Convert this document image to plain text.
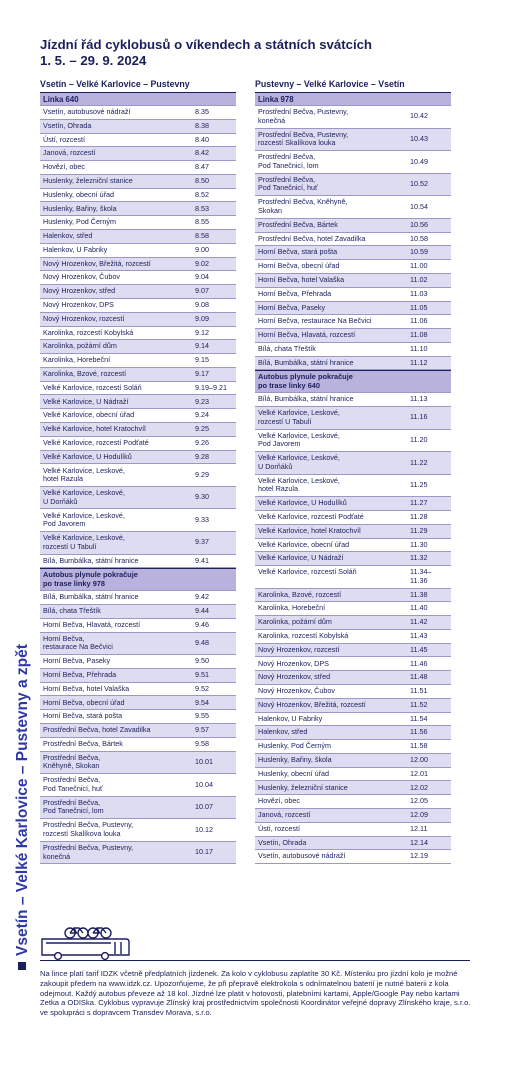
Jízdní řád cyklobusů o víkendech a státních svátcích
1. 5. – 29. 9. 2024
Vsetín – Velké Karlovice – Pustevny a zpět
Vsetín – Velké Karlovice – Pustevny
Linka 640
Vsetín, autobusové nádraží	8.35
Vsetín, Ohrada	8.38
Ústí, rozcestí	8.40
Janová, rozcestí	8.42
Hovězí, obec	8.47
Huslenky, železniční stanice	8.50
Huslenky, obecní úřad	8.52
Huslenky, Bařiny, škola	8.53
Huslenky, Pod Černým	8.55
Halenkov, střed	8.58
Halenkov, U Fabriky	9.00
Nový Hrozenkov, Břežitá, rozcestí	9.02
Nový Hrozenkov, Čubov	9.04
Nový Hrozenkov, střed	9.07
Nový Hrozenkov, DPS	9.08
Nový Hrozenkov, rozcestí	9.09
Karolinka, rozcestí Kobylská	9.12
Karolinka, požární dům	9.14
Karolinka, Horebeční	9.15
Karolinka, Bzové, rozcestí	9.17
Velké Karlovice, rozcestí Soláň	9.19–9.21
Velké Karlovice, U Nádraží	9.23
Velké Karlovice, obecní úřad	9.24
Velké Karlovice, hotel Kratochvíl	9.25
Velké Karlovice, rozcestí Podťaté	9.26
Velké Karlovice, U Hodulíků	9.28
Velké Karlovice, Leskové,
hotel Razula	9.29
Velké Karlovice, Leskové,
U Dorňáků	9.30
Velké Karlovice, Leskové,
Pod Javorem	9.33
Velké Karlovice, Leskové,
rozcestí U Tabulí	9.37
Bílá, Bumbálka, státní hranice	9.41
Autobus plynule pokračuje
po trase linky 978
Bílá, Bumbálka, státní hranice	9.42
Bílá, chata Třeštík	9.44
Horní Bečva, Hlavatá, rozcestí	9.46
Horní Bečva,
restaurace Na Bečvici	9.48
Horní Bečva, Paseky	9.50
Horní Bečva, Přehrada	9.51
Horní Bečva, hotel Valaška	9.52
Horní Bečva, obecní úřad	9.54
Horní Bečva, stará pošta	9.55
Prostřední Bečva, hotel Zavadilka	9.57
Prostřední Bečva, Bártek	9.58
Prostřední Bečva,
Kněhyně, Skokan	10.01
Prostřední Bečva,
Pod Tanečnicí, huť	10.04
Prostřední Bečva,
Pod Tanečnicí, lom	10.07
Prostřední Bečva, Pustevny,
rozcestí Skalíkova louka	10.12
Prostřední Bečva, Pustevny,
konečná	10.17
Pustevny – Velké Karlovice – Vsetín
Linka 978
Prostřední Bečva, Pustevny,
konečná	10.42
Prostřední Bečva, Pustevny,
rozcestí Skalíkova louka	10.43
Prostřední Bečva,
Pod Tanečnicí, lom	10.49
Prostřední Bečva,
Pod Tanečnicí, huť	10.52
Prostřední Bečva, Kněhyně,
Skokan	10.54
Prostřední Bečva, Bártek	10.56
Prostřední Bečva, hotel Zavadilka	10.58
Horní Bečva, stará pošta	10.59
Horní Bečva, obecní úřad	11.00
Horní Bečva, hotel Valaška	11.02
Horní Bečva, Přehrada	11.03
Horní Bečva, Paseky	11.05
Horní Bečva, restaurace Na Bečvici	11.06
Horní Bečva, Hlavatá, rozcestí	11.08
Bílá, chata Třeštík	11.10
Bílá, Bumbálka, státní hranice	11.12
Autobus plynule pokračuje
po trase linky 640
Bílá, Bumbálka, státní hranice	11.13
Velké Karlovice, Leskové,
rozcestí U Tabulí	11.16
Velké Karlovice, Leskové,
Pod Javorem	11.20
Velké Karlovice, Leskové,
U Dorňáků	11.22
Velké Karlovice, Leskové,
hotel Razula	11.25
Velké Karlovice, U Hodulíků	11.27
Velké Karlovice, rozcestí Podťaté	11.28
Velké Karlovice, hotel Kratochvíl	11.29
Velké Karlovice, obecní úřad	11.30
Velké Karlovice, U Nádraží	11.32
Velké Karlovice, rozcestí Soláň	11.34–11.36
Karolinka, Bzové, rozcestí	11.38
Karolinka, Horebeční	11.40
Karolinka, požární dům	11.42
Karolinka, rozcestí Kobylská	11.43
Nový Hrozenkov, rozcestí	11.45
Nový Hrozenkov, DPS	11.46
Nový Hrozenkov, střed	11.48
Nový Hrozenkov, Čubov	11.51
Nový Hrozenkov, Břežitá, rozcestí	11.52
Halenkov, U Fabriky	11.54
Halenkov, střed	11.56
Huslenky, Pod Černým	11.58
Huslenky, Bařiny, škola	12.00
Huslenky, obecní úřad	12.01
Huslenky, železniční stanice	12.02
Hovězí, obec	12.05
Janová, rozcestí	12.09
Ústí, rozcestí	12.11
Vsetín, Ohrada	12.14
Vsetín, autobusové nádraží	12.19
Na lince platí tarif IDZK včetně předplatních jízdenek. Za kolo v cyklobusu zaplatíte 30 Kč. Místenku pro jízdní kolo je možné zakoupit předem na www.idzk.cz. Upozorňujeme, že při přepravě elektrokola s odnímatelnou baterií je nutné baterii z kola odejmout. Každý autobus převeze až 18 kol. Jízdné lze platit v hotovosti, platebními kartami, Apple/Google Pay nebo kartami Zetka a ODISka. Cyklobus vypravuje Zlínský kraj prostřednictvím společnosti Koordinátor veřejné dopravy Zlínského kraje, s.r.o. ve spolupráci s dopravcem Transdev Morava, s.r.o.
